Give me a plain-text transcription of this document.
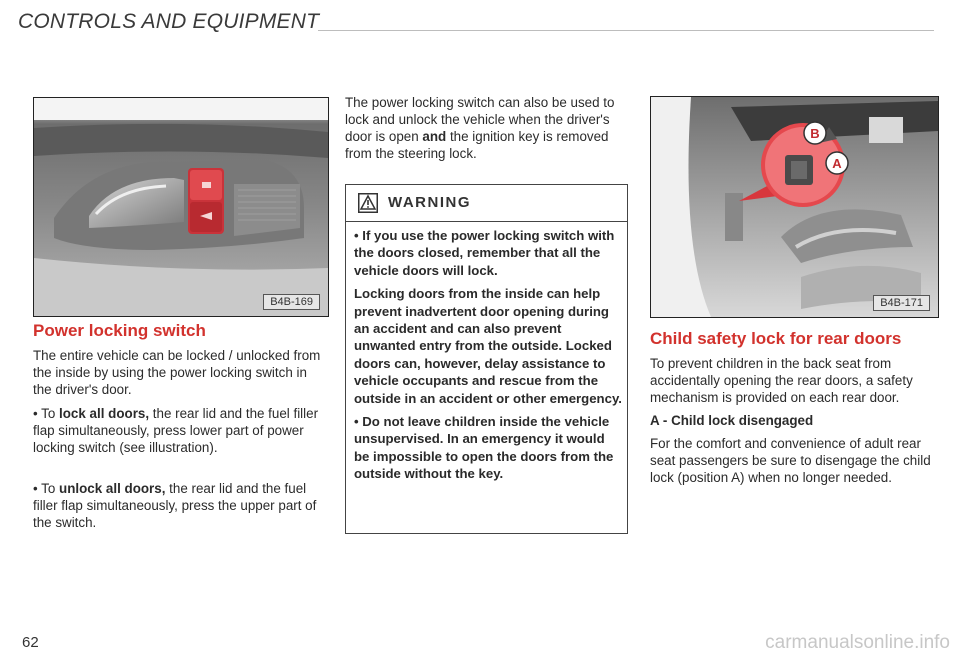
CONTROLS AND EQUIPMENT
B4B-169
Power locking switch

The entire vehicle can be locked / unlocked from the inside by using the power locking switch in the driver's door.

• To lock all doors, the rear lid and the fuel filler flap simultaneously, press lower part of power locking switch (see illustration).

• To unlock all doors, the rear lid and the fuel filler flap simultaneously, press the upper part of the switch.

The power locking switch can also be used to lock and unlock the vehicle when the driver's door is open and the ignition key is removed from the steering lock.

WARNING

• If you use the power locking switch with the doors closed, remember that all the vehicle doors will lock.

Locking doors from the inside can help prevent inadvertent door opening during an accident and can also prevent unwanted entry from the outside. Locked doors can, however, delay assistance to vehicle occupants and rescue from the outside in an accident or other emergency.

• Do not leave children inside the vehicle unsupervised. In an emergency it would be impossible to open the doors from the outside without the key.

B
A
B4B-171
Child safety lock for rear doors

To prevent children in the back seat from accidentally opening the rear doors, a safety mechanism is provided on each rear door.

A - Child lock disengaged

For the comfort and convenience of adult rear seat passengers be sure to disengage the child lock (position A) when no longer needed.

62	carmanualsonline.info
